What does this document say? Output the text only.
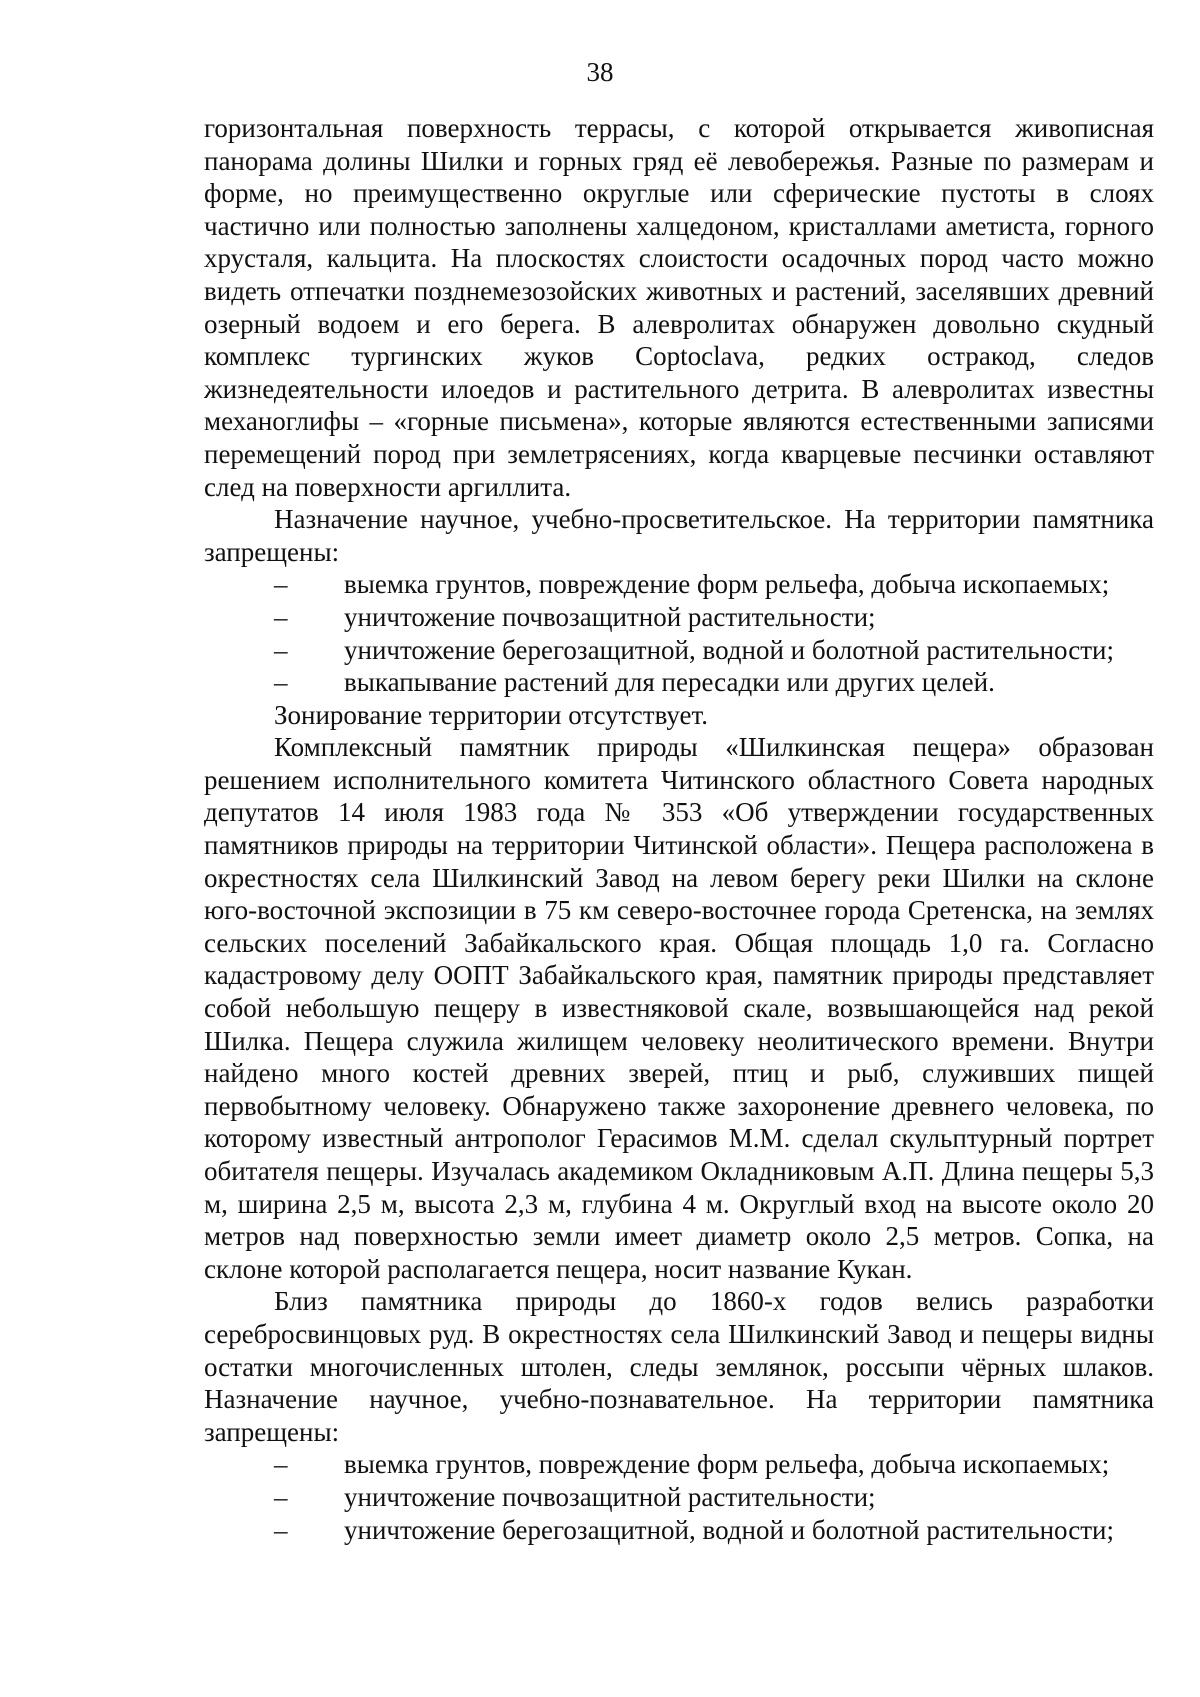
38

горизонтальная поверхность террасы, с которой открывается живописная панорама долины Шилки и горных гряд её левобережья. Разные по размерам и форме, но преимущественно округлые или сферические пустоты в слоях частично или полностью заполнены халцедоном, кристаллами аметиста, горного хрусталя, кальцита. На плоскостях слоистости осадочных пород часто можно видеть отпечатки позднемезозойских животных и растений, заселявших древний озерный водоем и его берега. В алевролитах обнаружен довольно скудный комплекс тургинских жуков Coptoclava, редких остракод, следов жизнедеятельности илоедов и растительного детрита. В алевролитах известны механоглифы – «горные письмена», которые являются естественными записями перемещений пород при землетрясениях, когда кварцевые песчинки оставляют след на поверхности аргиллита.

Назначение научное, учебно-просветительское. На территории памятника запрещены:

– выемка грунтов, повреждение форм рельефа, добыча ископаемых;
– уничтожение почвозащитной растительности;
– уничтожение берегозащитной, водной и болотной растительности;
– выкапывание растений для пересадки или других целей.

Зонирование территории отсутствует.

Комплексный памятник природы «Шилкинская пещера» образован решением исполнительного комитета Читинского областного Совета народных депутатов 14 июля 1983 года № 353 «Об утверждении государственных памятников природы на территории Читинской области». Пещера расположена в окрестностях села Шилкинский Завод на левом берегу реки Шилки на склоне юго-восточной экспозиции в 75 км северо-восточнее города Сретенска, на землях сельских поселений Забайкальского края. Общая площадь 1,0 га. Согласно кадастровому делу ООПТ Забайкальского края, памятник природы представляет собой небольшую пещеру в известняковой скале, возвышающейся над рекой Шилка. Пещера служила жилищем человеку неолитического времени. Внутри найдено много костей древних зверей, птиц и рыб, служивших пищей первобытному человеку. Обнаружено также захоронение древнего человека, по которому известный антрополог Герасимов М.М. сделал скульптурный портрет обитателя пещеры. Изучалась академиком Окладниковым А.П. Длина пещеры 5,3 м, ширина 2,5 м, высота 2,3 м, глубина 4 м. Округлый вход на высоте около 20 метров над поверхностью земли имеет диаметр около 2,5 метров. Сопка, на склоне которой располагается пещера, носит название Кукан.

Близ памятника природы до 1860-х годов велись разработки серебросвинцовых руд. В окрестностях села Шилкинский Завод и пещеры видны остатки многочисленных штолен, следы землянок, россыпи чёрных шлаков. Назначение научное, учебно-познавательное. На территории памятника запрещены:

– выемка грунтов, повреждение форм рельефа, добыча ископаемых;
– уничтожение почвозащитной растительности;
– уничтожение берегозащитной, водной и болотной растительности;
